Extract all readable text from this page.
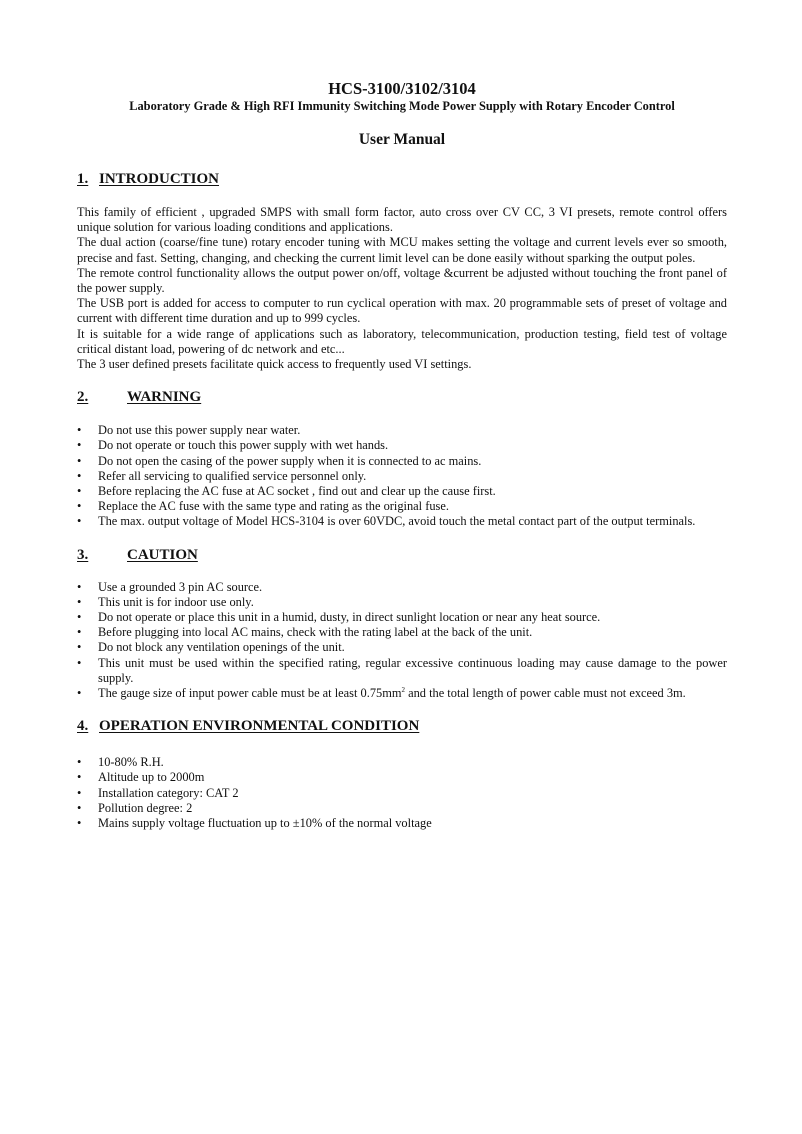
HCS-3100/3102/3104
Laboratory Grade & High RFI Immunity Switching Mode Power Supply with Rotary Encoder Control
User Manual
1. INTRODUCTION

This family of efficient , upgraded SMPS with small form factor, auto cross over CV CC, 3 VI presets, remote control offers unique solution for various loading conditions and applications.

The dual action (coarse/fine tune) rotary encoder tuning with MCU makes setting the voltage and current levels ever so smooth, precise and fast. Setting, changing, and checking the current limit level can be done easily without sparking the output poles.

The remote control functionality allows the output power on/off, voltage &current be adjusted without touching the front panel of the power supply.

The USB port is added for access to computer to run cyclical operation with max. 20 programmable sets of preset of voltage and current with different time duration and up to 999 cycles.

It is suitable for a wide range of applications such as laboratory, telecommunication, production testing, field test of voltage critical distant load, powering of dc network and etc...

The 3 user defined presets facilitate quick access to frequently used VI settings.

2.	WARNING
•	Do not use this power supply near water.
•	Do not operate or touch this power supply with wet hands.
•	Do not open the casing of the power supply when it is connected to ac mains.
•	Refer all servicing to qualified service personnel only.
•	Before replacing the AC fuse at AC socket , find out and clear up the cause first.
•	Replace the AC fuse with the same type and rating as the original fuse.
•	The max. output voltage of Model HCS-3104 is over 60VDC, avoid touch the metal contact part of the output terminals.
3.	CAUTION
•	Use a grounded 3 pin AC source.
•	This unit is for indoor use only.
•	Do not operate or place this unit in a humid, dusty, in direct sunlight location or near any heat source.
•	Before plugging into local AC mains, check with the rating label at the back of the unit.
•	Do not block any ventilation openings of the unit.
•	This unit must be used within the specified rating, regular excessive continuous loading may cause damage to the power supply.
•	The gauge size of input power cable must be at least $0.75mm^2$ and the total length of power cable must not exceed 3m.
4. OPERATION ENVIRONMENTAL CONDITION
•	10-80% R.H.
•	Altitude up to 2000m
•	Installation category: CAT 2
•	Pollution degree: 2
•	Mains supply voltage fluctuation up to ±10% of the normal voltage
